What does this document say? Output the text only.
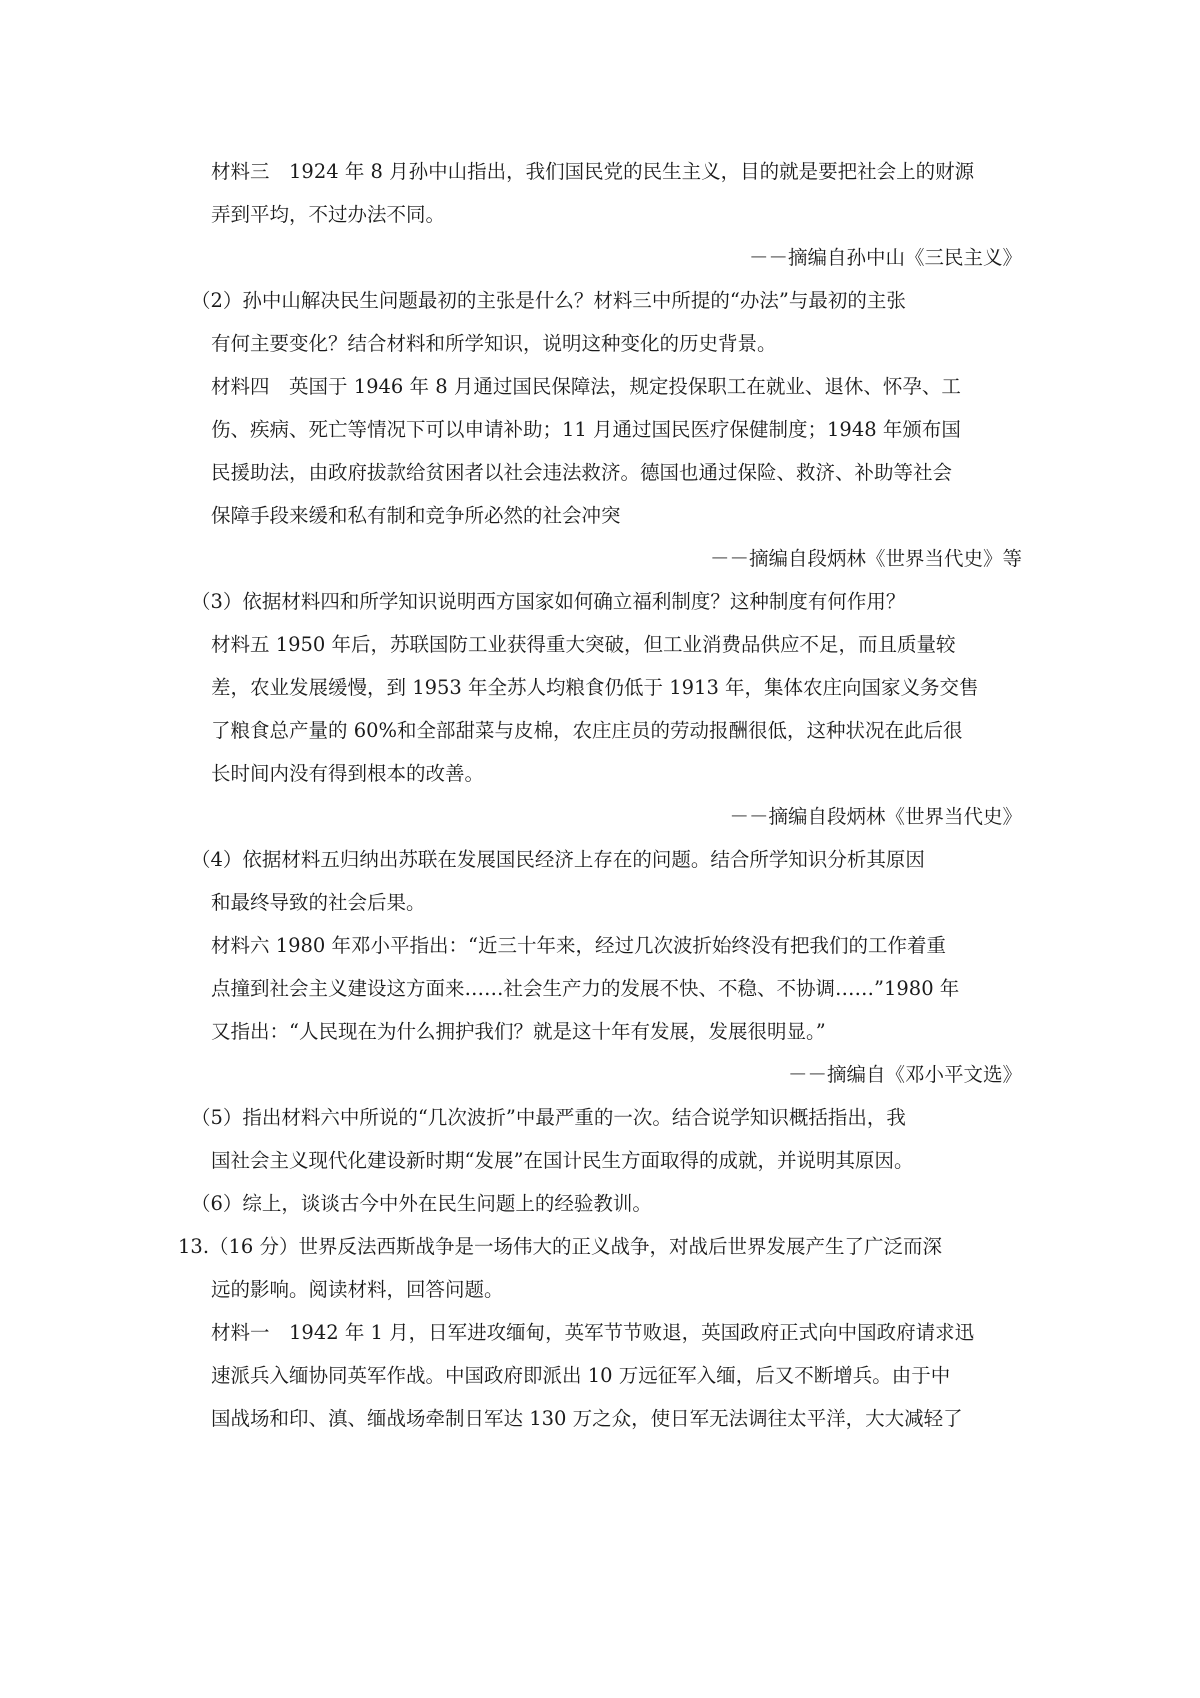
材料三　1924 年 8 月孙中山指出，我们国民党的民生主义，目的就是要把社会上的财源
弄到平均，不过办法不同。
－－摘编自孙中山《三民主义》
（2）孙中山解决民生问题最初的主张是什么？材料三中所提的“办法”与最初的主张
有何主要变化？结合材料和所学知识，说明这种变化的历史背景。
材料四　英国于 1946 年 8 月通过国民保障法，规定投保职工在就业、退休、怀孕、工
伤、疾病、死亡等情况下可以申请补助；11 月通过国民医疗保健制度；1948 年颁布国
民援助法，由政府拔款给贫困者以社会违法救济。德国也通过保险、救济、补助等社会
保障手段来缓和私有制和竞争所必然的社会冲突
－－摘编自段炳林《世界当代史》等
（3）依据材料四和所学知识说明西方国家如何确立福利制度？这种制度有何作用？
材料五 1950 年后，苏联国防工业获得重大突破，但工业消费品供应不足，而且质量较
差，农业发展缓慢，到 1953 年全苏人均粮食仍低于 1913 年，集体农庄向国家义务交售
了粮食总产量的 60%和全部甜菜与皮棉，农庄庄员的劳动报酬很低，这种状况在此后很
长时间内没有得到根本的改善。
－－摘编自段炳林《世界当代史》
（4）依据材料五归纳出苏联在发展国民经济上存在的问题。结合所学知识分析其原因
和最终导致的社会后果。
材料六 1980 年邓小平指出：“近三十年来，经过几次波折始终没有把我们的工作着重
点撞到社会主义建设这方面来……社会生产力的发展不快、不稳、不协调……”1980 年
又指出：“人民现在为什么拥护我们？就是这十年有发展，发展很明显。”
－－摘编自《邓小平文选》
（5）指出材料六中所说的“几次波折”中最严重的一次。结合说学知识概括指出，我
国社会主义现代化建设新时期“发展”在国计民生方面取得的成就，并说明其原因。
（6）综上，谈谈古今中外在民生问题上的经验教训。
13.（16 分）世界反法西斯战争是一场伟大的正义战争，对战后世界发展产生了广泛而深
远的影响。阅读材料，回答问题。
材料一　1942 年 1 月，日军进攻缅甸，英军节节败退，英国政府正式向中国政府请求迅
速派兵入缅协同英军作战。中国政府即派出 10 万远征军入缅，后又不断增兵。由于中
国战场和印、滇、缅战场牵制日军达 130 万之众，使日军无法调往太平洋，大大减轻了
